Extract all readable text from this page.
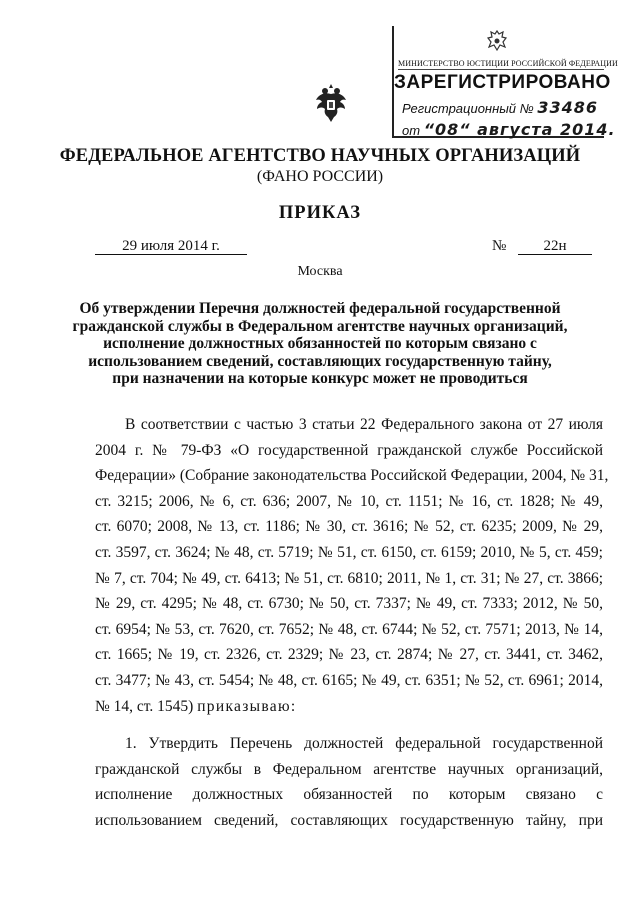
МИНИСТЕРСТВО ЮСТИЦИИ РОССИЙСКОЙ ФЕДЕРАЦИИ
ЗАРЕГИСТРИРОВАНО
Регистрационный № 33486
от “08“ августа 2014.
ФЕДЕРАЛЬНОЕ АГЕНТСТВО НАУЧНЫХ ОРГАНИЗАЦИЙ
(ФАНО РОССИИ)
ПРИКАЗ
29 июля 2014 г.	№	22н
Москва
Об утверждении Перечня должностей федеральной государственной
гражданской службы в Федеральном агентстве научных организаций,
исполнение должностных обязанностей по которым связано с
использованием сведений, составляющих государственную тайну,
при назначении на которые конкурс может не проводиться
В соответствии с частью 3 статьи 22 Федерального закона от 27 июля
2004 г. № 79-ФЗ «О государственной гражданской службе Российской
Федерации» (Собрание законодательства Российской Федерации, 2004, № 31,
ст. 3215; 2006, № 6, ст. 636; 2007, № 10, ст. 1151; № 16, ст. 1828; № 49,
ст. 6070; 2008, № 13, ст. 1186; № 30, ст. 3616; № 52, ст. 6235; 2009, № 29,
ст. 3597, ст. 3624; № 48, ст. 5719; № 51, ст. 6150, ст. 6159; 2010, № 5, ст. 459;
№ 7, ст. 704; № 49, ст. 6413; № 51, ст. 6810; 2011, № 1, ст. 31; № 27, ст. 3866;
№ 29, ст. 4295; № 48, ст. 6730; № 50, ст. 7337; № 49, ст. 7333; 2012, № 50,
ст. 6954; № 53, ст. 7620, ст. 7652; № 48, ст. 6744; № 52, ст. 7571; 2013, № 14,
ст. 1665; № 19, ст. 2326, ст. 2329; № 23, ст. 2874; № 27, ст. 3441, ст. 3462,
ст. 3477; № 43, ст. 5454; № 48, ст. 6165; № 49, ст. 6351; № 52, ст. 6961; 2014,
№ 14, ст. 1545) приказываю:
1. Утвердить Перечень должностей федеральной государственной
гражданской службы в Федеральном агентстве научных организаций,
исполнение должностных обязанностей по которым связано с
использованием сведений, составляющих государственную тайну, при
